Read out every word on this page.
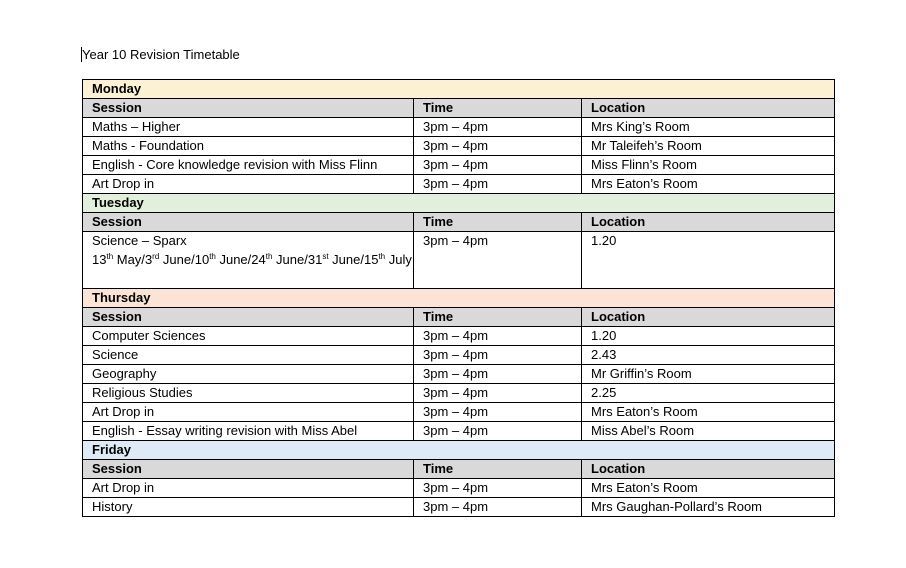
Year 10 Revision Timetable
Monday		
Session	Time	Location
Maths – Higher	3pm – 4pm	Mrs King’s Room
Maths - Foundation	3pm – 4pm	Mr Taleifeh’s Room
English - Core knowledge revision with Miss Flinn	3pm – 4pm	Miss Flinn’s Room
Art Drop in	3pm – 4pm	Mrs Eaton’s Room
Tuesday		
Session	Time	Location
Science – Sparx
13th May/3rd June/10th June/24th June/31st June/15th July	3pm – 4pm	1.20
Thursday		
Session	Time	Location
Computer Sciences	3pm – 4pm	1.20
Science	3pm – 4pm	2.43
Geography	3pm – 4pm	Mr Griffin’s Room
Religious Studies	3pm – 4pm	2.25
Art Drop in	3pm – 4pm	Mrs Eaton’s Room
English - Essay writing revision with Miss Abel	3pm – 4pm	Miss Abel’s Room
Friday		
Session	Time	Location
Art Drop in	3pm – 4pm	Mrs Eaton’s Room
History	3pm – 4pm	Mrs Gaughan-Pollard’s Room
